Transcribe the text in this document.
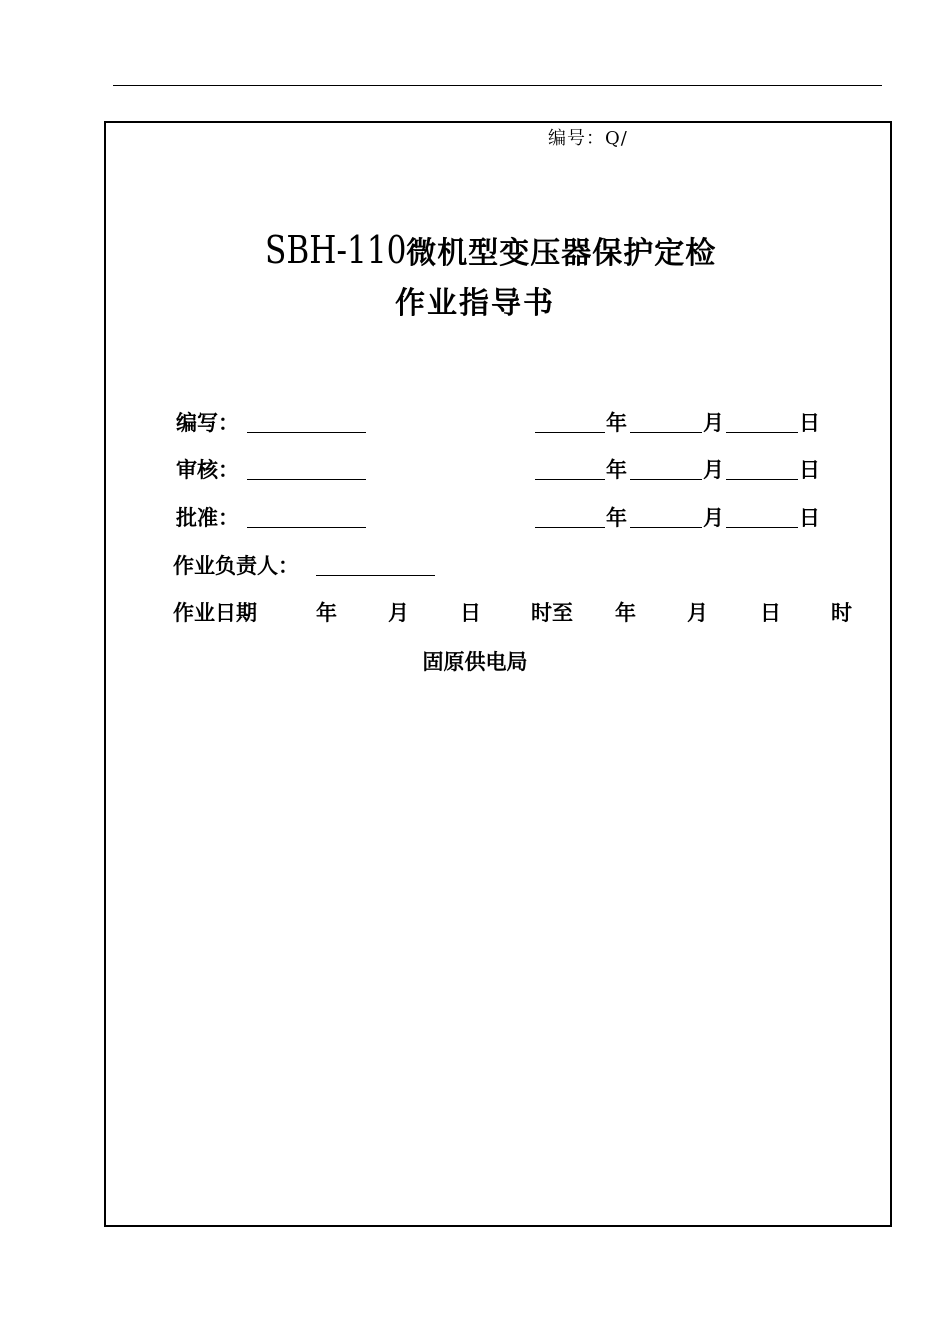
编号：Q/
SBH-110微机型变压器保护定检
作业指导书
编写：	年	月	日
审核：	年	月	日
批准：	年	月	日
作业负责人：
作业日期	年 月 日 时至 年 月 日 时
固原供电局
